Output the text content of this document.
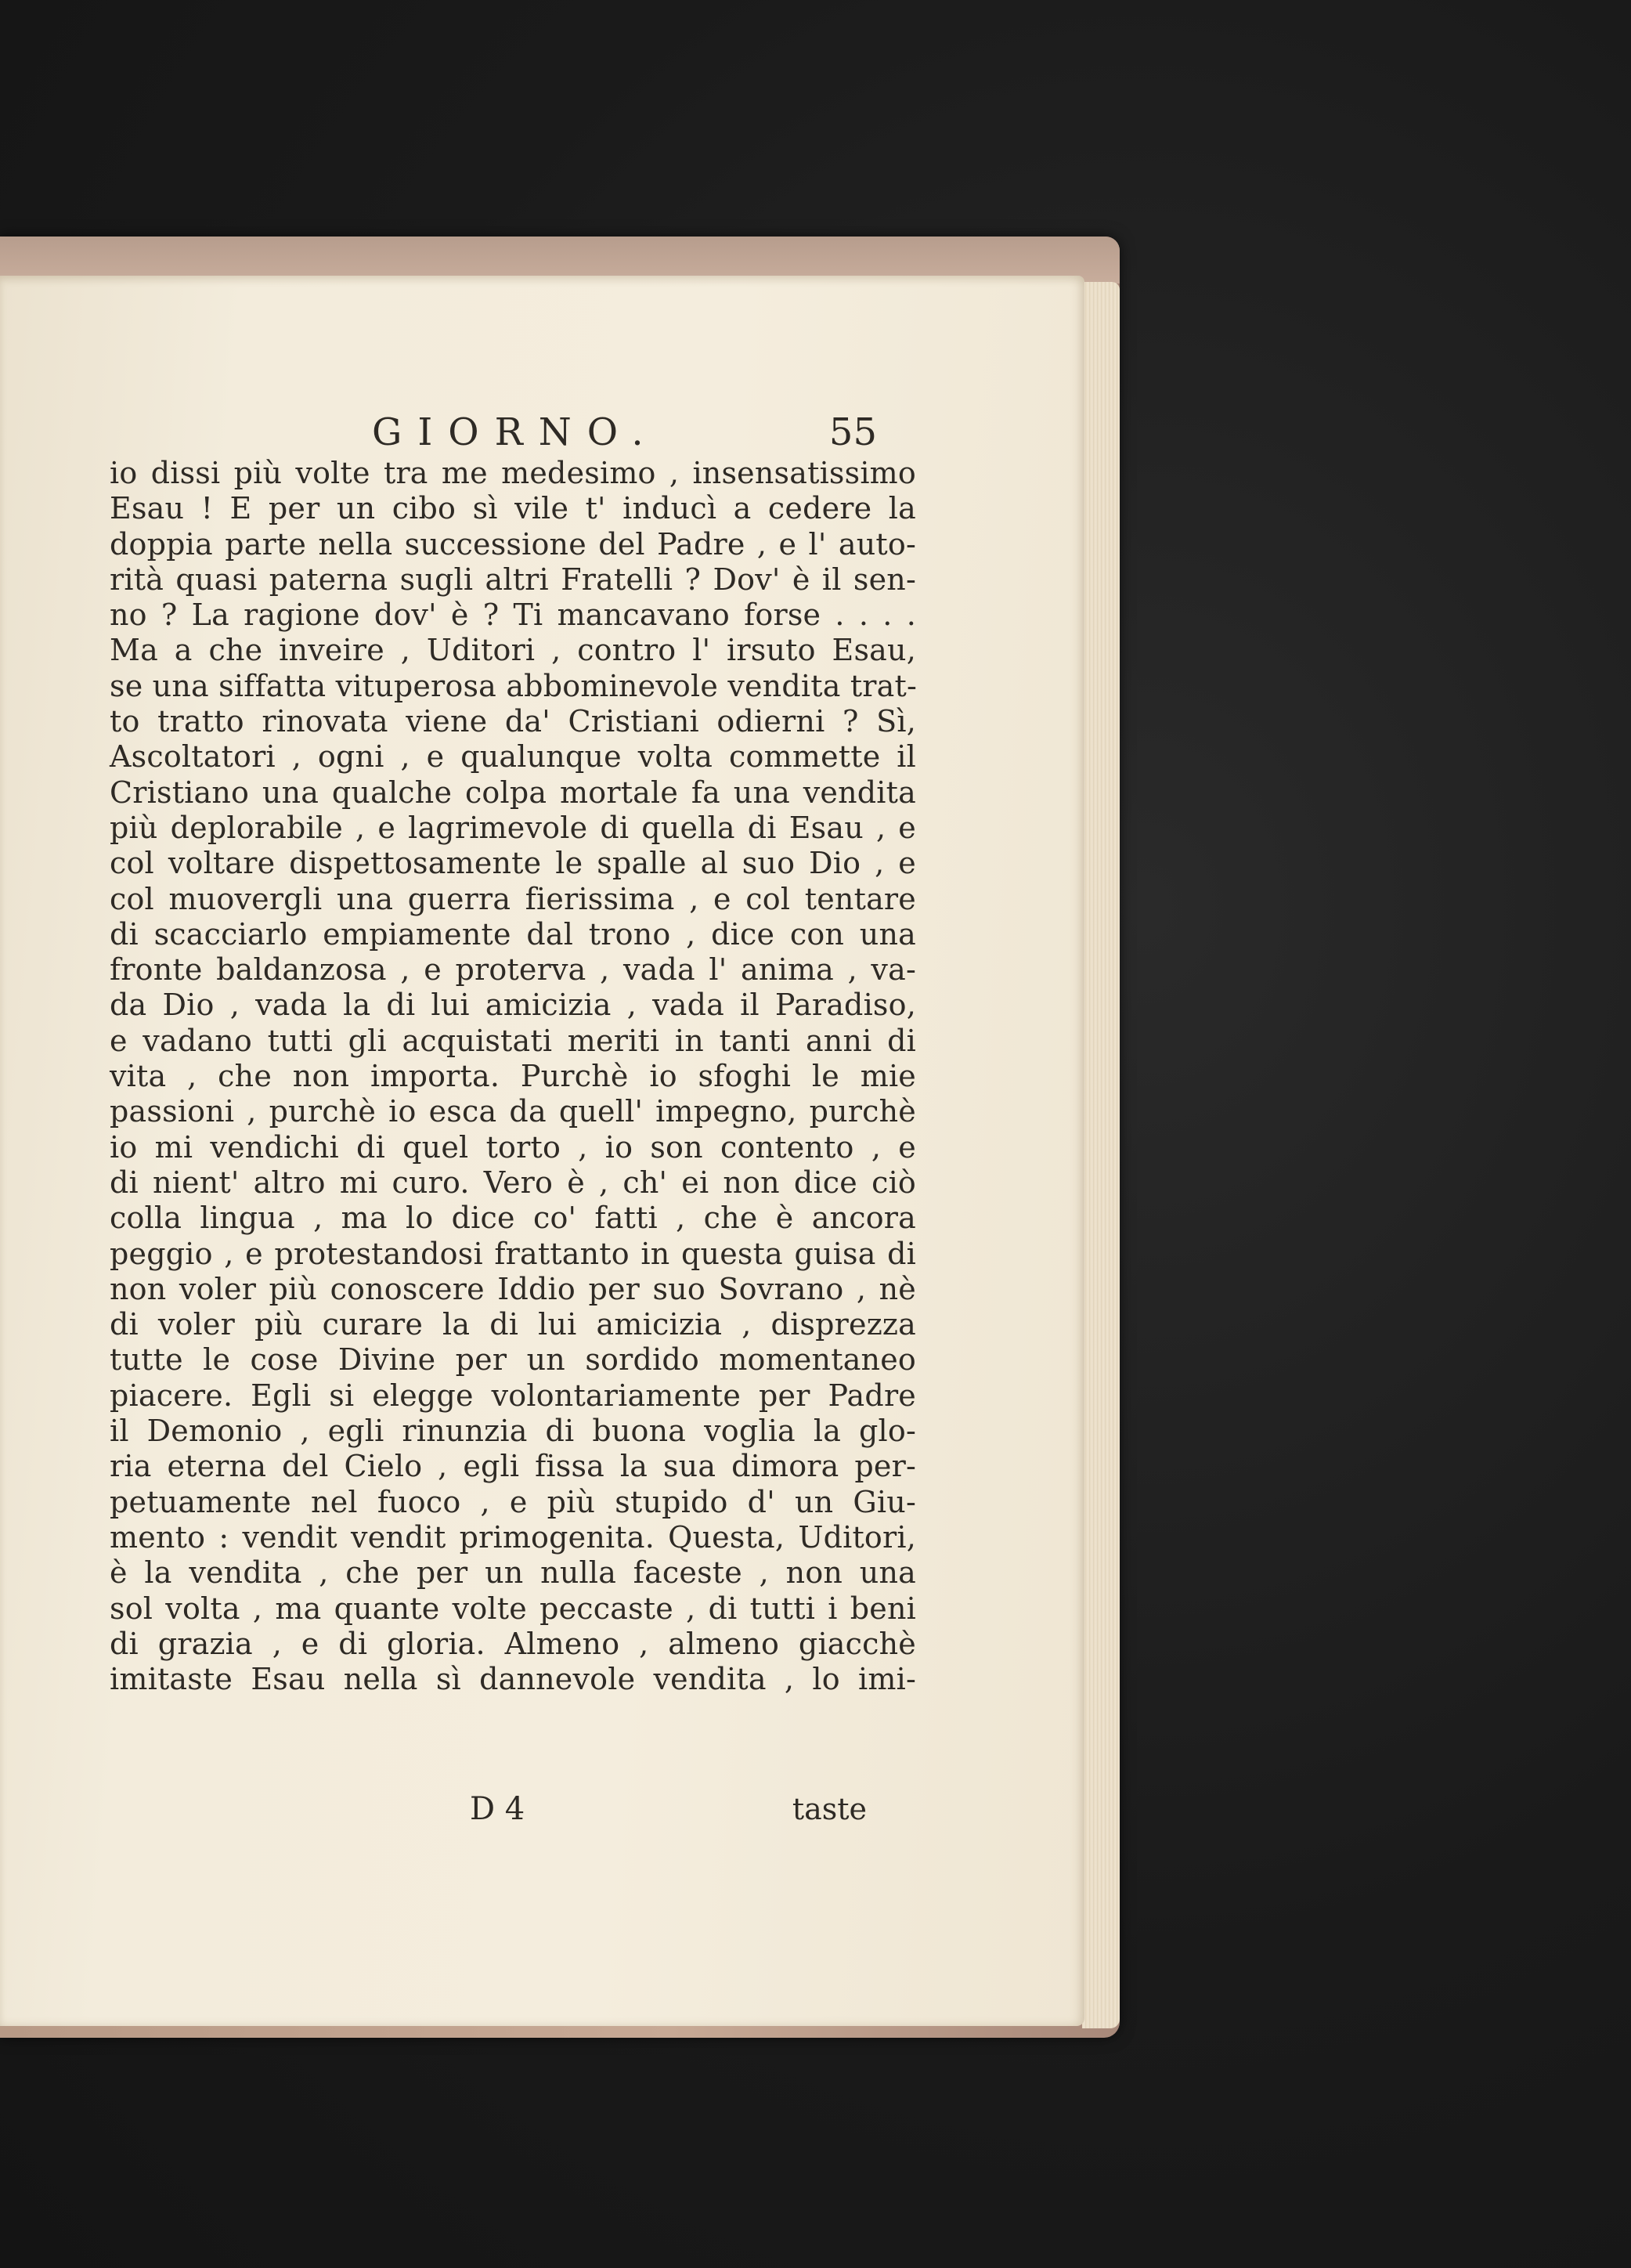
GIORNO.	55
io dissi più volte tra me medesimo , insensatissimo
Esau ! E per un cibo sì vile t' inducì a cedere la
doppia parte nella successione del Padre , e l' auto-
rità quasi paterna sugli altri Fratelli ? Dov' è il sen-
no ? La ragione dov' è ? Ti mancavano forse . . . .
Ma a che inveire , Uditori , contro l' irsuto Esau,
se una siffatta vituperosa abbominevole vendita trat-
to tratto rinovata viene da' Cristiani odierni ? Sì,
Ascoltatori , ogni , e qualunque volta commette il
Cristiano una qualche colpa mortale fa una vendita
più deplorabile , e lagrimevole di quella di Esau , e
col voltare dispettosamente le spalle al suo Dio , e
col muovergli una guerra fierissima , e col tentare
di scacciarlo empiamente dal trono , dice con una
fronte baldanzosa , e proterva , vada l' anima , va-
da Dio , vada la di lui amicizia , vada il Paradiso,
e vadano tutti gli acquistati meriti in tanti anni di
vita , che non importa. Purchè io sfoghi le mie
passioni , purchè io esca da quell' impegno, purchè
io mi vendichi di quel torto , io son contento , e
di nient' altro mi curo. Vero è , ch' ei non dice ciò
colla lingua , ma lo dice co' fatti , che è ancora
peggio , e protestandosi frattanto in questa guisa di
non voler più conoscere Iddio per suo Sovrano , nè
di voler più curare la di lui amicizia , disprezza
tutte le cose Divine per un sordido momentaneo
piacere. Egli si elegge volontariamente per Padre
il Demonio , egli rinunzia di buona voglia la glo-
ria eterna del Cielo , egli fissa la sua dimora per-
petuamente nel fuoco , e più stupido d' un Giu-
mento : vendit vendit primogenita. Questa, Uditori,
è la vendita , che per un nulla faceste , non una
sol volta , ma quante volte peccaste , di tutti i beni
di grazia , e di gloria. Almeno , almeno giacchè
imitaste Esau nella sì dannevole vendita , lo imi-
D 4	taste
